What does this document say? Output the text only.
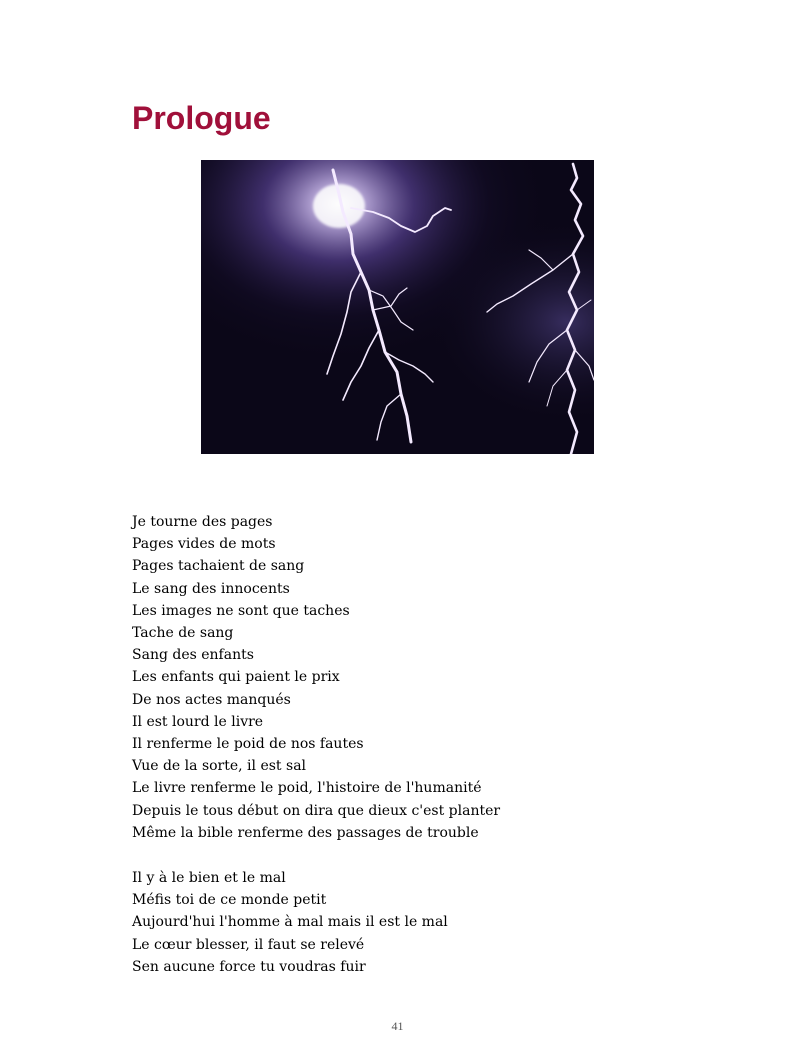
Prologue
Je tourne des pages
Pages vides de mots
Pages tachaient de sang
Le sang des innocents
Les images ne sont que taches
Tache de sang
Sang des enfants
Les enfants qui paient le prix
De nos actes manqués
Il est lourd le livre
Il renferme le poid de nos fautes
Vue de la sorte, il est sal
Le livre renferme le poid, l'histoire de l'humanité
Depuis le tous début on dira que dieux c'est planter
Même la bible renferme des passages de trouble
Il y à le bien et le mal
Méfis toi de ce monde petit
Aujourd'hui l'homme à mal mais il est le mal
Le cœur blesser, il faut se relevé
Sen aucune force tu voudras fuir
41
